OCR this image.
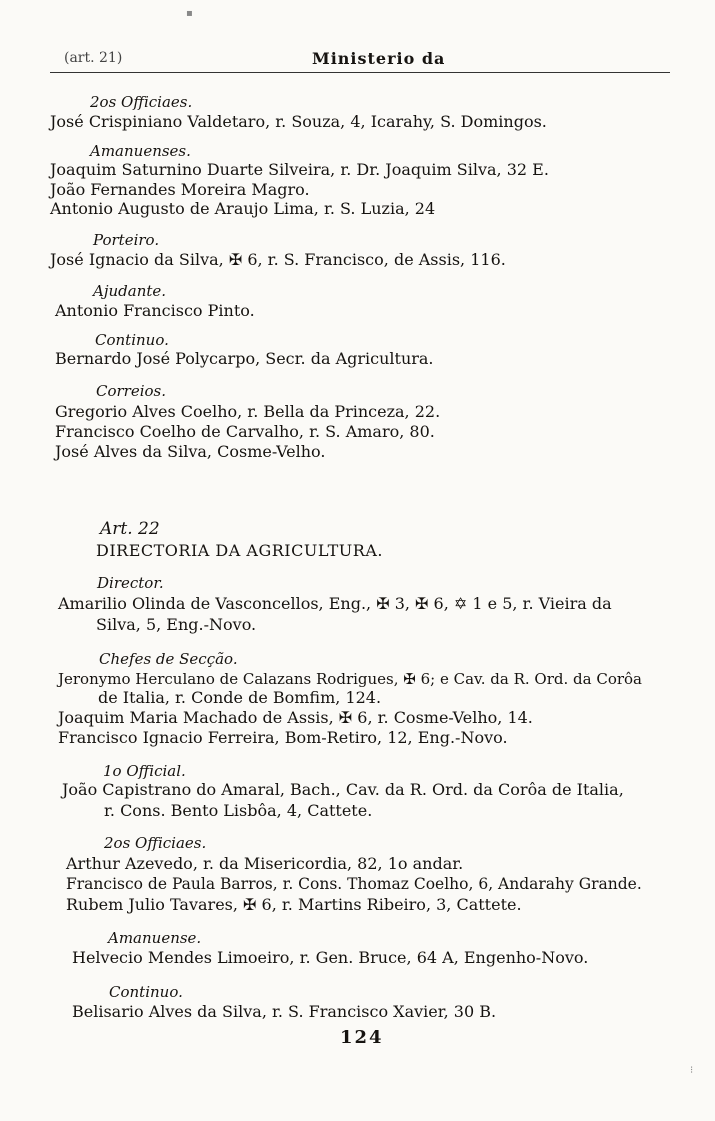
(art. 21)	Ministerio da
2os Officiaes.
José Crispiniano Valdetaro, r. Souza, 4, Icarahy, S. Domingos.
Amanuenses.
Joaquim Saturnino Duarte Silveira, r. Dr. Joaquim Silva, 32 E.
João Fernandes Moreira Magro.
Antonio Augusto de Araujo Lima, r. S. Luzia, 24
Porteiro.
José Ignacio da Silva, ✠ 6, r. S. Francisco, de Assis, 116.
Ajudante.
Antonio Francisco Pinto.
Continuo.
Bernardo José Polycarpo, Secr. da Agricultura.
Correios.
Gregorio Alves Coelho, r. Bella da Princeza, 22.
Francisco Coelho de Carvalho, r. S. Amaro, 80.
José Alves da Silva, Cosme-Velho.
Art. 22
DIRECTORIA DA AGRICULTURA.
Director.
Amarilio Olinda de Vasconcellos, Eng., ✠ 3, ✠ 6, ✡ 1 e 5, r. Vieira da
Silva, 5, Eng.-Novo.
Chefes de Secção.
Jeronymo Herculano de Calazans Rodrigues, ✠ 6; e Cav. da R. Ord. da Corôa
de Italia, r. Conde de Bomfim, 124.
Joaquim Maria Machado de Assis, ✠ 6, r. Cosme-Velho, 14.
Francisco Ignacio Ferreira, Bom-Retiro, 12, Eng.-Novo.
1o Official.
João Capistrano do Amaral, Bach., Cav. da R. Ord. da Corôa de Italia,
r. Cons. Bento Lisbôa, 4, Cattete.
2os Officiaes.
Arthur Azevedo, r. da Misericordia, 82, 1o andar.
Francisco de Paula Barros, r. Cons. Thomaz Coelho, 6, Andarahy Grande.
Rubem Julio Tavares, ✠ 6, r. Martins Ribeiro, 3, Cattete.
Amanuense.
Helvecio Mendes Limoeiro, r. Gen. Bruce, 64 A, Engenho-Novo.
Continuo.
Belisario Alves da Silva, r. S. Francisco Xavier, 30 B.
124
▪
⁝
